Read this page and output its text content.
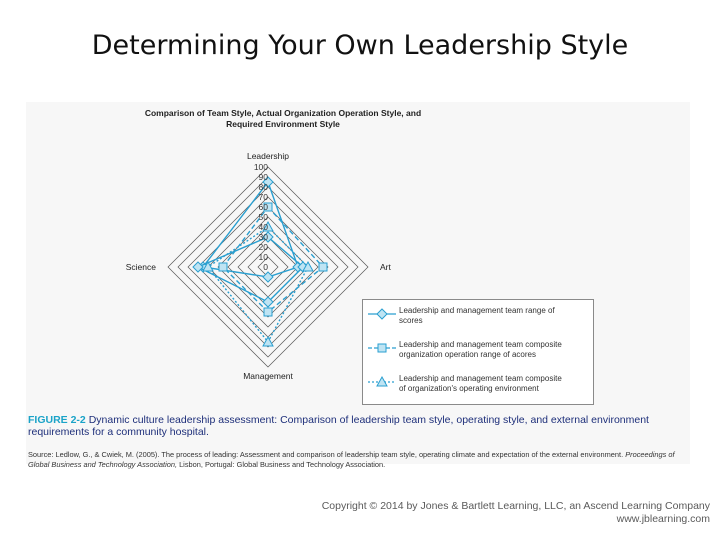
Determining Your Own Leadership Style
Comparison of Team Style, Actual Organization Operation Style, and
Required Environment Style
100
90
80
70
60
50
40
30
20
10
0
Leadership
Art
Management
Science
Leadership and management team range of
scores
Leadership and management team composite
organization operation range of acores
Leadership and management team composite
of organization's operating environment
FIGURE 2-2 Dynamic culture leadership assessment: Comparison of leadership team style, operating style, and external environment requirements for a community hospital.
Source: Ledlow, G., & Cwiek, M. (2005). The process of leading: Assessment and comparison of leadership team style, operating climate and expectation of the external environment. Proceedings of Global Business and Technology Association, Lisbon, Portugal: Global Business and Technology Association.
Copyright © 2014 by Jones & Bartlett Learning, LLC, an Ascend Learning Company
www.jblearning.com
